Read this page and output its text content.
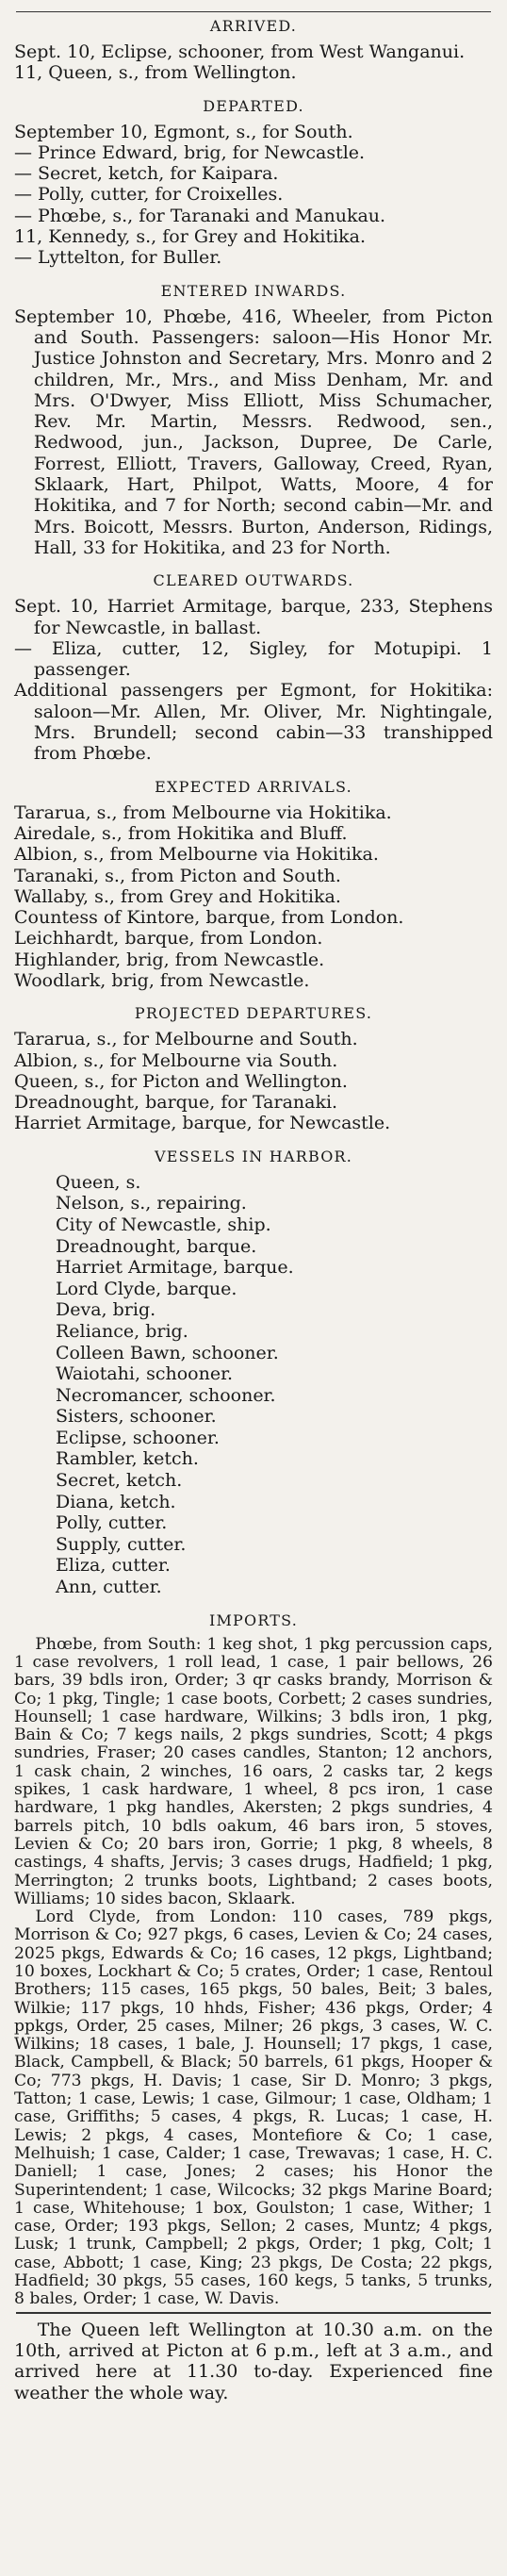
ARRIVED.

Sept. 10, Eclipse, schooner, from West Wanganui.

11, Queen, s., from Wellington.

DEPARTED.

September 10, Egmont, s., for South.

— Prince Edward, brig, for Newcastle.

— Secret, ketch, for Kaipara.

— Polly, cutter, for Croixelles.

— Phœbe, s., for Taranaki and Manukau.

11, Kennedy, s., for Grey and Hokitika.

— Lyttelton, for Buller.

ENTERED INWARDS.

September 10, Phœbe, 416, Wheeler, from Picton and South. Passengers: saloon—His Honor Mr. Justice Johnston and Secretary, Mrs. Monro and 2 children, Mr., Mrs., and Miss Denham, Mr. and Mrs. O'Dwyer, Miss Elliott, Miss Schumacher, Rev. Mr. Martin, Messrs. Redwood, sen., Redwood, jun., Jackson, Dupree, De Carle, Forrest, Elliott, Travers, Galloway, Creed, Ryan, Sklaark, Hart, Philpot, Watts, Moore, 4 for Hokitika, and 7 for North; second cabin—Mr. and Mrs. Boicott, Messrs. Burton, Anderson, Ridings, Hall, 33 for Hokitika, and 23 for North.

CLEARED OUTWARDS.

Sept. 10, Harriet Armitage, barque, 233, Stephens for Newcastle, in ballast.

— Eliza, cutter, 12, Sigley, for Motupipi. 1 passenger.

Additional passengers per Egmont, for Hokitika: saloon—Mr. Allen, Mr. Oliver, Mr. Nightingale, Mrs. Brundell; second cabin—33 transhipped from Phœbe.

EXPECTED ARRIVALS.

Tararua, s., from Melbourne via Hokitika.

Airedale, s., from Hokitika and Bluff.

Albion, s., from Melbourne via Hokitika.

Taranaki, s., from Picton and South.

Wallaby, s., from Grey and Hokitika.

Countess of Kintore, barque, from London.

Leichhardt, barque, from London.

Highlander, brig, from Newcastle.

Woodlark, brig, from Newcastle.

PROJECTED DEPARTURES.

Tararua, s., for Melbourne and South.

Albion, s., for Melbourne via South.

Queen, s., for Picton and Wellington.

Dreadnought, barque, for Taranaki.

Harriet Armitage, barque, for Newcastle.

VESSELS IN HARBOR.

Queen, s.

Nelson, s., repairing.

City of Newcastle, ship.

Dreadnought, barque.

Harriet Armitage, barque.

Lord Clyde, barque.

Deva, brig.

Reliance, brig.

Colleen Bawn, schooner.

Waiotahi, schooner.

Necromancer, schooner.

Sisters, schooner.

Eclipse, schooner.

Rambler, ketch.

Secret, ketch.

Diana, ketch.

Polly, cutter.

Supply, cutter.

Eliza, cutter.

Ann, cutter.

IMPORTS.

Phœbe, from South: 1 keg shot, 1 pkg percussion caps, 1 case revolvers, 1 roll lead, 1 case, 1 pair bellows, 26 bars, 39 bdls iron, Order; 3 qr casks brandy, Morrison & Co; 1 pkg, Tingle; 1 case boots, Corbett; 2 cases sundries, Hounsell; 1 case hardware, Wilkins; 3 bdls iron, 1 pkg, Bain & Co; 7 kegs nails, 2 pkgs sundries, Scott; 4 pkgs sundries, Fraser; 20 cases candles, Stanton; 12 anchors, 1 cask chain, 2 winches, 16 oars, 2 casks tar, 2 kegs spikes, 1 cask hardware, 1 wheel, 8 pcs iron, 1 case hardware, 1 pkg handles, Akersten; 2 pkgs sundries, 4 barrels pitch, 10 bdls oakum, 46 bars iron, 5 stoves, Levien & Co; 20 bars iron, Gorrie; 1 pkg, 8 wheels, 8 castings, 4 shafts, Jervis; 3 cases drugs, Hadfield; 1 pkg, Merrington; 2 trunks boots, Lightband; 2 cases boots, Williams; 10 sides bacon, Sklaark.

Lord Clyde, from London: 110 cases, 789 pkgs, Morrison & Co; 927 pkgs, 6 cases, Levien & Co; 24 cases, 2025 pkgs, Edwards & Co; 16 cases, 12 pkgs, Lightband; 10 boxes, Lockhart & Co; 5 crates, Order; 1 case, Rentoul Brothers; 115 cases, 165 pkgs, 50 bales, Beit; 3 bales, Wilkie; 117 pkgs, 10 hhds, Fisher; 436 pkgs, Order; 4 ppkgs, Order, 25 cases, Milner; 26 pkgs, 3 cases, W. C. Wilkins; 18 cases, 1 bale, J. Hounsell; 17 pkgs, 1 case, Black, Campbell, & Black; 50 barrels, 61 pkgs, Hooper & Co; 773 pkgs, H. Davis; 1 case, Sir D. Monro; 3 pkgs, Tatton; 1 case, Lewis; 1 case, Gilmour; 1 case, Oldham; 1 case, Griffiths; 5 cases, 4 pkgs, R. Lucas; 1 case, H. Lewis; 2 pkgs, 4 cases, Montefiore & Co; 1 case, Melhuish; 1 case, Calder; 1 case, Trewavas; 1 case, H. C. Daniell; 1 case, Jones; 2 cases; his Honor the Superintendent; 1 case, Wilcocks; 32 pkgs Marine Board; 1 case, Whitehouse; 1 box, Goulston; 1 case, Wither; 1 case, Order; 193 pkgs, Sellon; 2 cases, Muntz; 4 pkgs, Lusk; 1 trunk, Campbell; 2 pkgs, Order; 1 pkg, Colt; 1 case, Abbott; 1 case, King; 23 pkgs, De Costa; 22 pkgs, Hadfield; 30 pkgs, 55 cases, 160 kegs, 5 tanks, 5 trunks, 8 bales, Order; 1 case, W. Davis.

The Queen left Wellington at 10.30 a.m. on the 10th, arrived at Picton at 6 p.m., left at 3 a.m., and arrived here at 11.30 to-day. Experienced fine weather the whole way.
